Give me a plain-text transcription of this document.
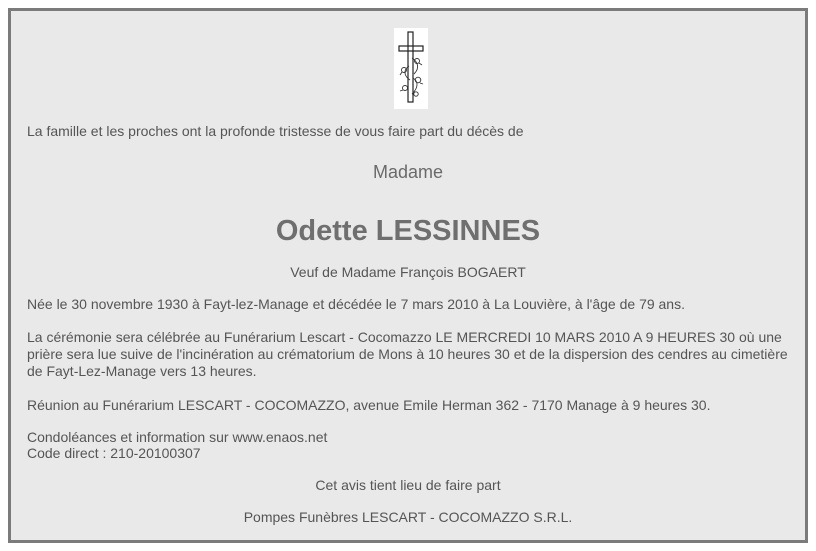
La famille et les proches ont la profonde tristesse de vous faire part du décès de

Madame

Odette LESSINNES

Veuf de Madame François BOGAERT

Née le 30 novembre 1930 à Fayt-lez-Manage et décédée le 7 mars 2010 à La Louvière, à l'âge de 79 ans.

La cérémonie sera célébrée au Funérarium Lescart - Cocomazzo LE MERCREDI 10 MARS 2010 A 9 HEURES 30 où une prière sera lue suive de l'incinération au crématorium de Mons à 10 heures 30 et de la dispersion des cendres au cimetière de Fayt-Lez-Manage vers 13 heures.

Réunion au Funérarium LESCART - COCOMAZZO, avenue Emile Herman 362 - 7170 Manage à 9 heures 30.

Condoléances et information sur www.enaos.net

Code direct : 210-20100307

Cet avis tient lieu de faire part

Pompes Funèbres LESCART - COCOMAZZO S.R.L.
